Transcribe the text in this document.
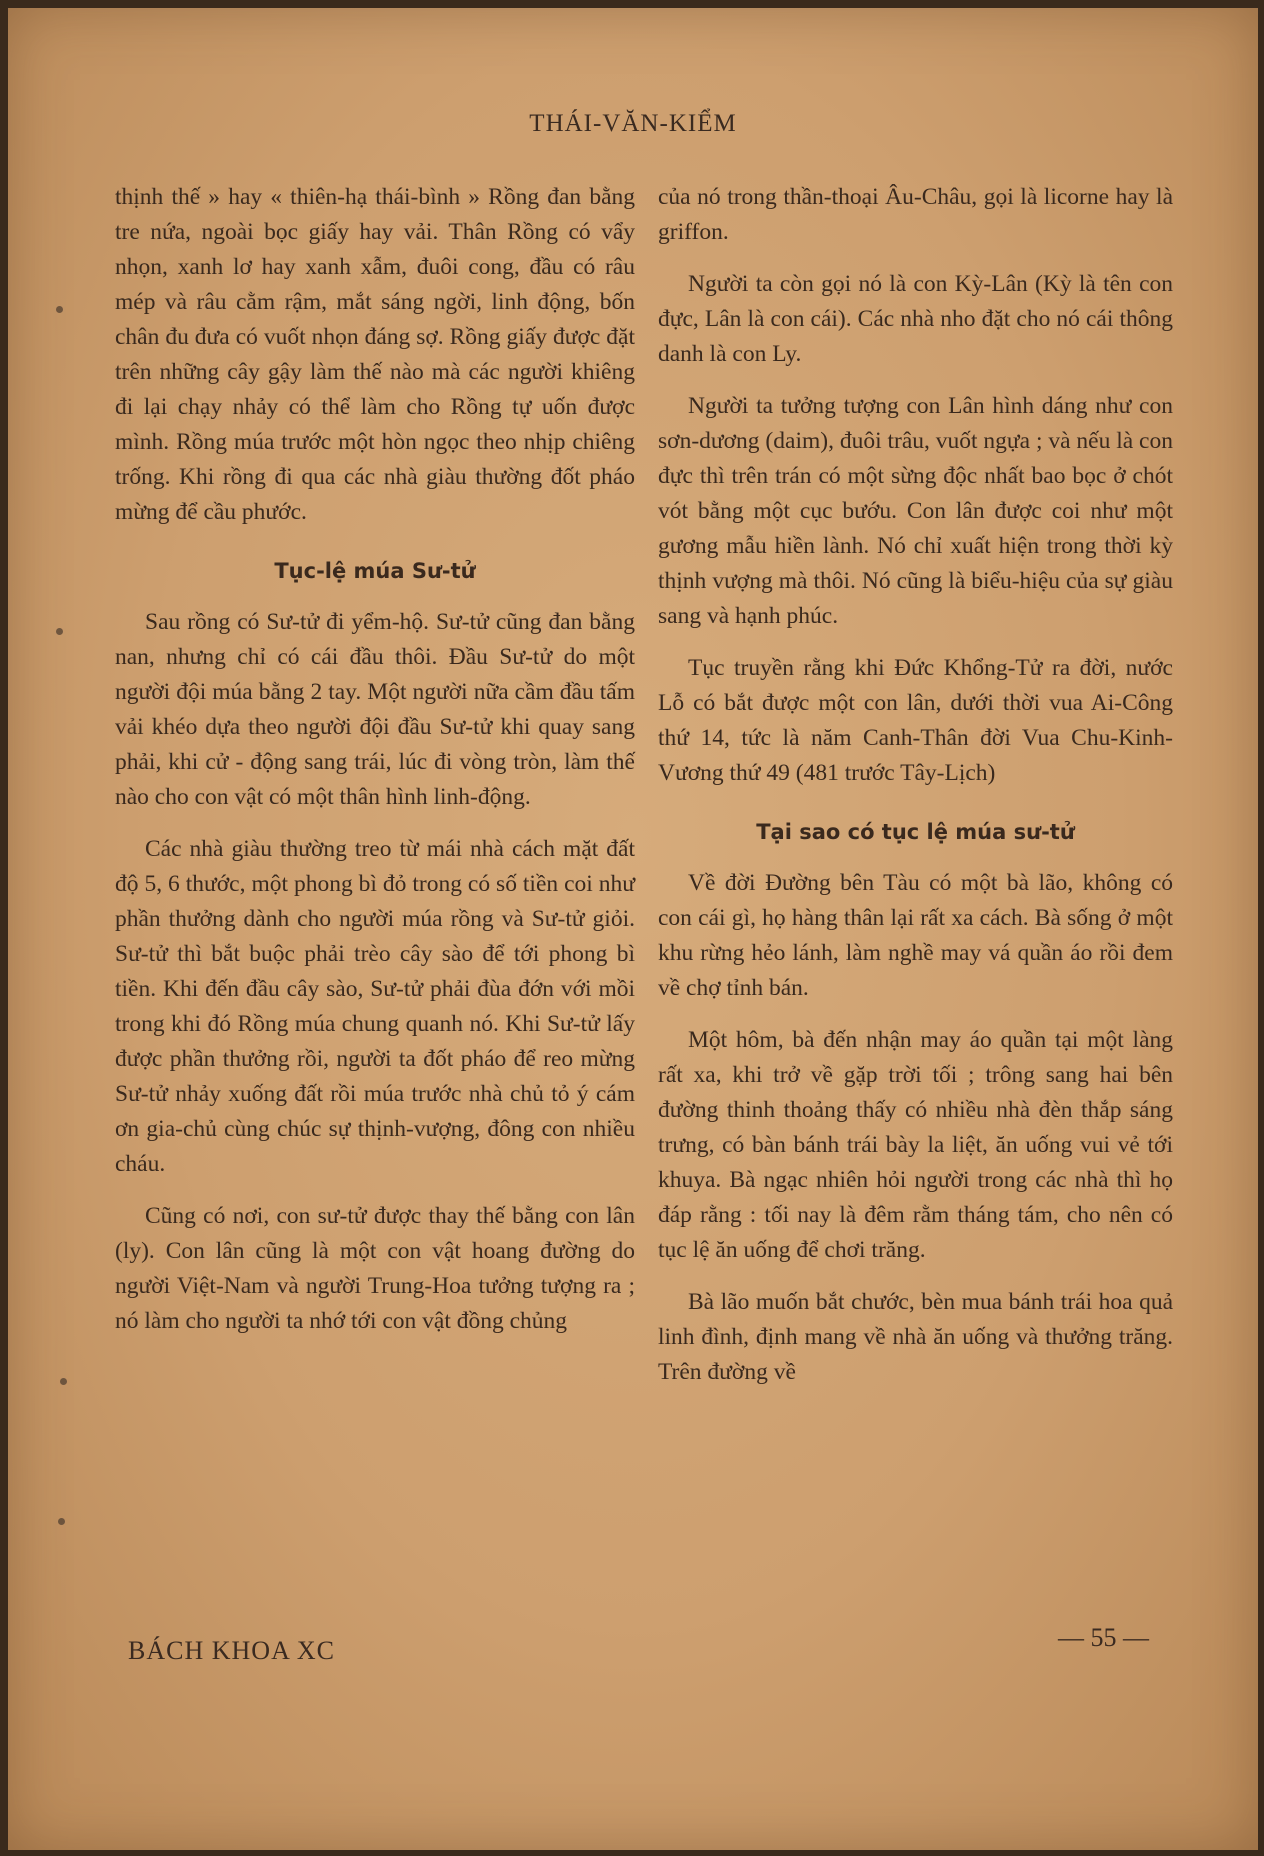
THÁI-VĂN-KIỂM

thịnh thế » hay « thiên-hạ thái-bình » Rồng đan bằng tre nứa, ngoài bọc giấy hay vải. Thân Rồng có vẩy nhọn, xanh lơ hay xanh xẫm, đuôi cong, đầu có râu mép và râu cằm rậm, mắt sáng ngời, linh động, bốn chân đu đưa có vuốt nhọn đáng sợ. Rồng giấy được đặt trên những cây gậy làm thế nào mà các người khiêng đi lại chạy nhảy có thể làm cho Rồng tự uốn được mình. Rồng múa trước một hòn ngọc theo nhịp chiêng trống. Khi rồng đi qua các nhà giàu thường đốt pháo mừng để cầu phước.

Tục-lệ múa Sư-tử

Sau rồng có Sư-tử đi yểm-hộ. Sư-tử cũng đan bằng nan, nhưng chỉ có cái đầu thôi. Đầu Sư-tử do một người đội múa bằng 2 tay. Một người nữa cầm đầu tấm vải khéo dựa theo người đội đầu Sư-tử khi quay sang phải, khi cử - động sang trái, lúc đi vòng tròn, làm thế nào cho con vật có một thân hình linh-động.

Các nhà giàu thường treo từ mái nhà cách mặt đất độ 5, 6 thước, một phong bì đỏ trong có số tiền coi như phần thưởng dành cho người múa rồng và Sư-tử giỏi. Sư-tử thì bắt buộc phải trèo cây sào để tới phong bì tiền. Khi đến đầu cây sào, Sư-tử phải đùa đớn với mồi trong khi đó Rồng múa chung quanh nó. Khi Sư-tử lấy được phần thưởng rồi, người ta đốt pháo để reo mừng Sư-tử nhảy xuống đất rồi múa trước nhà chủ tỏ ý cám ơn gia-chủ cùng chúc sự thịnh-vượng, đông con nhiều cháu.

Cũng có nơi, con sư-tử được thay thế bằng con lân (ly). Con lân cũng là một con vật hoang đường do người Việt-Nam và người Trung-Hoa tưởng tượng ra ; nó làm cho người ta nhớ tới con vật đồng chủng

của nó trong thần-thoại Âu-Châu, gọi là licorne hay là griffon.

Người ta còn gọi nó là con Kỳ-Lân (Kỳ là tên con đực, Lân là con cái). Các nhà nho đặt cho nó cái thông danh là con Ly.

Người ta tưởng tượng con Lân hình dáng như con sơn-dương (daim), đuôi trâu, vuốt ngựa ; và nếu là con đực thì trên trán có một sừng độc nhất bao bọc ở chót vót bằng một cục bướu. Con lân được coi như một gương mẫu hiền lành. Nó chỉ xuất hiện trong thời kỳ thịnh vượng mà thôi. Nó cũng là biểu-hiệu của sự giàu sang và hạnh phúc.

Tục truyền rằng khi Đức Khổng-Tử ra đời, nước Lỗ có bắt được một con lân, dưới thời vua Ai-Công thứ 14, tức là năm Canh-Thân đời Vua Chu-Kinh-Vương thứ 49 (481 trước Tây-Lịch)

Tại sao có tục lệ múa sư-tử

Về đời Đường bên Tàu có một bà lão, không có con cái gì, họ hàng thân lại rất xa cách. Bà sống ở một khu rừng hẻo lánh, làm nghề may vá quần áo rồi đem về chợ tỉnh bán.

Một hôm, bà đến nhận may áo quần tại một làng rất xa, khi trở về gặp trời tối ; trông sang hai bên đường thinh thoảng thấy có nhiều nhà đèn thắp sáng trưng, có bàn bánh trái bày la liệt, ăn uống vui vẻ tới khuya. Bà ngạc nhiên hỏi người trong các nhà thì họ đáp rằng : tối nay là đêm rằm tháng tám, cho nên có tục lệ ăn uống để chơi trăng.

Bà lão muốn bắt chước, bèn mua bánh trái hoa quả linh đình, định mang về nhà ăn uống và thưởng trăng. Trên đường về

BÁCH KHOA XC	— 55 —
